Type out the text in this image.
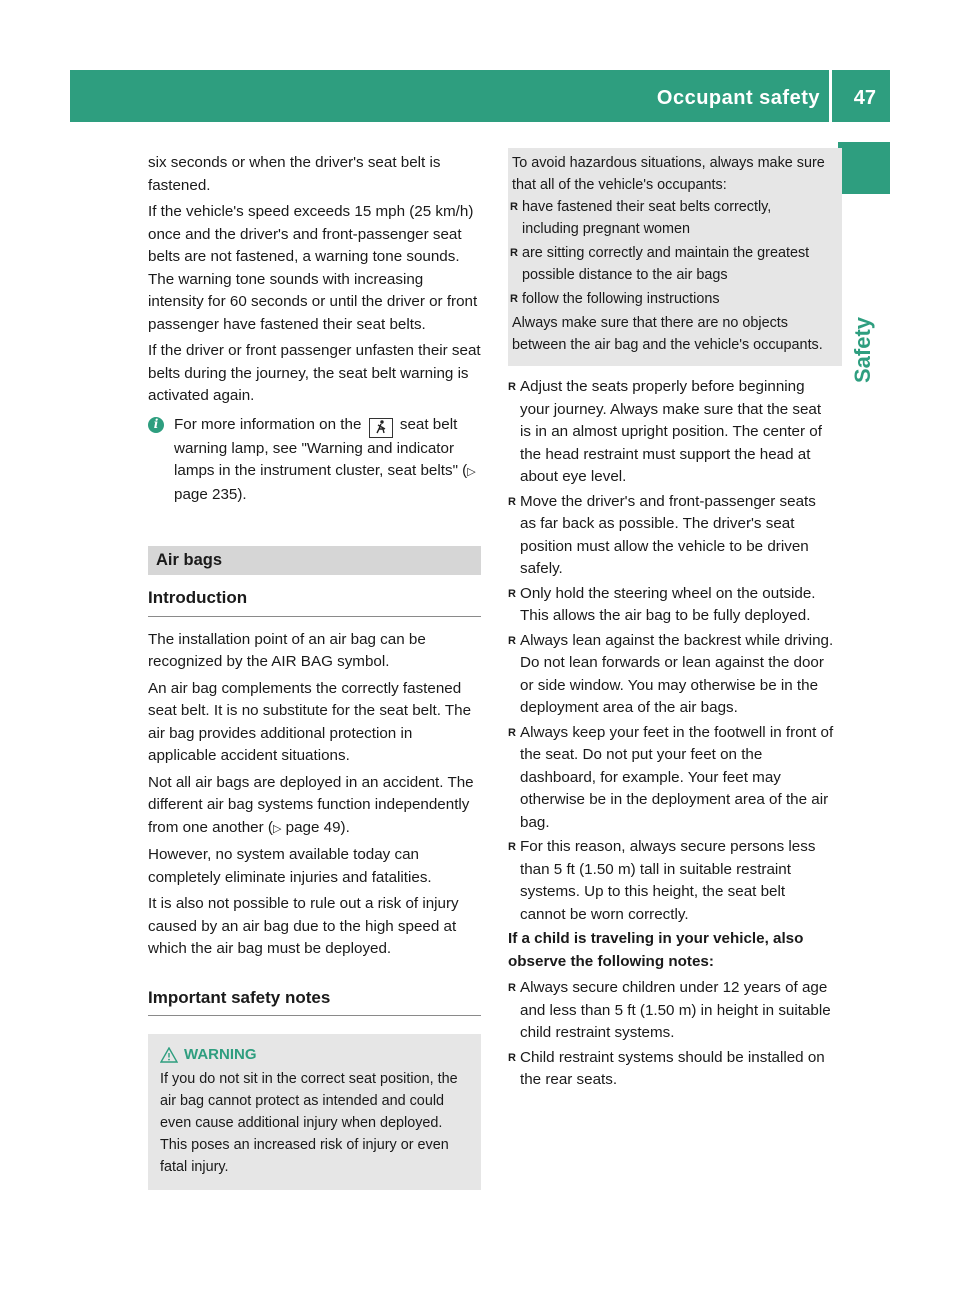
Occupant safety 47
Safety

six seconds or when the driver's seat belt is fastened.

If the vehicle's speed exceeds 15 mph (25 km/h) once and the driver's and front-passenger seat belts are not fastened, a warning tone sounds. The warning tone sounds with increasing intensity for 60 seconds or until the driver or front passenger have fastened their seat belts.

If the driver or front passenger unfasten their seat belts during the journey, the seat belt warning is activated again.

i	For more information on the	seat belt warning lamp, see "Warning and indicator lamps in the instrument cluster, seat belts" (▷ page 235).
Air bags
Introduction

The installation point of an air bag can be recognized by the AIR BAG symbol.

An air bag complements the correctly fastened seat belt. It is no substitute for the seat belt. The air bag provides additional protection in applicable accident situations.

Not all air bags are deployed in an accident. The different air bag systems function independently from one another (▷ page 49).

However, no system available today can completely eliminate injuries and fatalities.

It is also not possible to rule out a risk of injury caused by an air bag due to the high speed at which the air bag must be deployed.

Important safety notes
WARNING
If you do not sit in the correct seat position, the air bag cannot protect as intended and could even cause additional injury when deployed. This poses an increased risk of injury or even fatal injury.
To avoid hazardous situations, always make sure that all of the vehicle's occupants:
R have fastened their seat belts correctly, including pregnant women
R are sitting correctly and maintain the greatest possible distance to the air bags
R follow the following instructions
Always make sure that there are no objects between the air bag and the vehicle's occupants.
R Adjust the seats properly before beginning your journey. Always make sure that the seat is in an almost upright position. The center of the head restraint must support the head at about eye level.
R Move the driver's and front-passenger seats as far back as possible. The driver's seat position must allow the vehicle to be driven safely.
R Only hold the steering wheel on the outside. This allows the air bag to be fully deployed.
R Always lean against the backrest while driving. Do not lean forwards or lean against the door or side window. You may otherwise be in the deployment area of the air bags.
R Always keep your feet in the footwell in front of the seat. Do not put your feet on the dashboard, for example. Your feet may otherwise be in the deployment area of the air bag.
R For this reason, always secure persons less than 5 ft (1.50 m) tall in suitable restraint systems. Up to this height, the seat belt cannot be worn correctly.
If a child is traveling in your vehicle, also observe the following notes:
R Always secure children under 12 years of age and less than 5 ft (1.50 m) in height in suitable child restraint systems.
R Child restraint systems should be installed on the rear seats.
